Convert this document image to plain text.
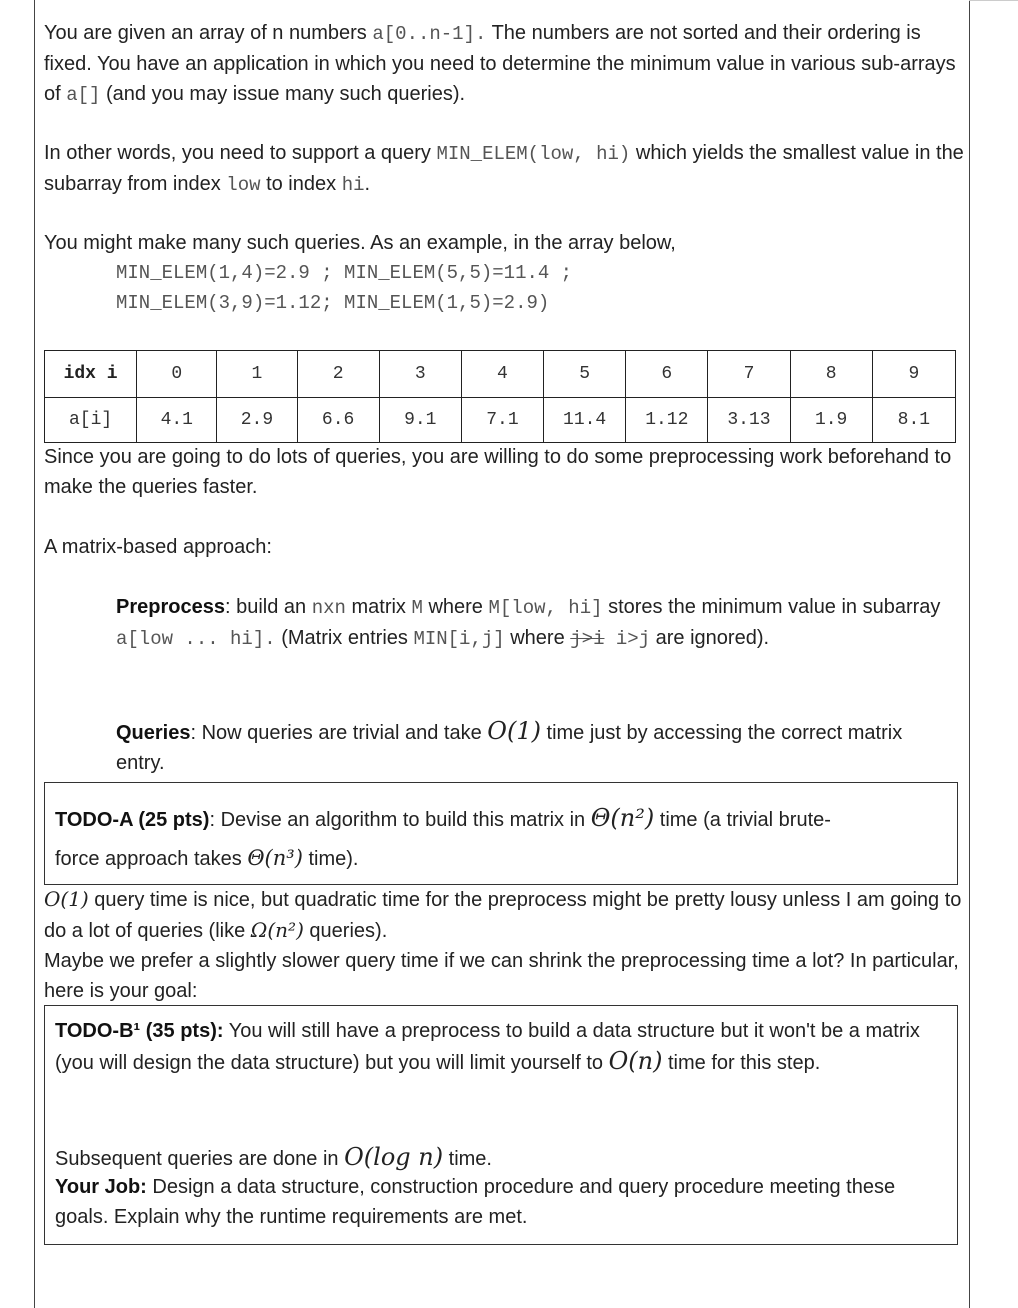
You are given an array of n numbers a[0..n-1]. The numbers are not sorted and their ordering is fixed. You have an application in which you need to determine the minimum value in various sub-arrays of a[] (and you may issue many such queries).
In other words, you need to support a query MIN_ELEM(low, hi) which yields the smallest value in the subarray from index low to index hi.
You might make many such queries. As an example, in the array below,
MIN_ELEM(1,4)=2.9 ; MIN_ELEM(5,5)=11.4 ;
MIN_ELEM(3,9)=1.12; MIN_ELEM(1,5)=2.9)
idx i	0	1	2	3	4	5	6	7	8	9
a[i]	4.1	2.9	6.6	9.1	7.1	11.4	1.12	3.13	1.9	8.1
Since you are going to do lots of queries, you are willing to do some preprocessing work beforehand to make the queries faster.
A matrix-based approach:
Preprocess: build an nxn matrix M where M[low, hi] stores the minimum value in subarray a[low ... hi]. (Matrix entries MIN[i,j] where j>i i>j are ignored).
Queries: Now queries are trivial and take O(1) time just by accessing the correct matrix entry.
TODO-A (25 pts): Devise an algorithm to build this matrix in Θ(n²) time (a trivial brute-force approach takes Θ(n³) time).
O(1) query time is nice, but quadratic time for the preprocess might be pretty lousy unless I am going to do a lot of queries (like Ω(n²) queries).
Maybe we prefer a slightly slower query time if we can shrink the preprocessing time a lot? In particular, here is your goal:
TODO-B¹ (35 pts): You will still have a preprocess to build a data structure but it won't be a matrix (you will design the data structure) but you will limit yourself to O(n) time for this step.
Subsequent queries are done in O(log n) time.
Your Job: Design a data structure, construction procedure and query procedure meeting these goals. Explain why the runtime requirements are met.
